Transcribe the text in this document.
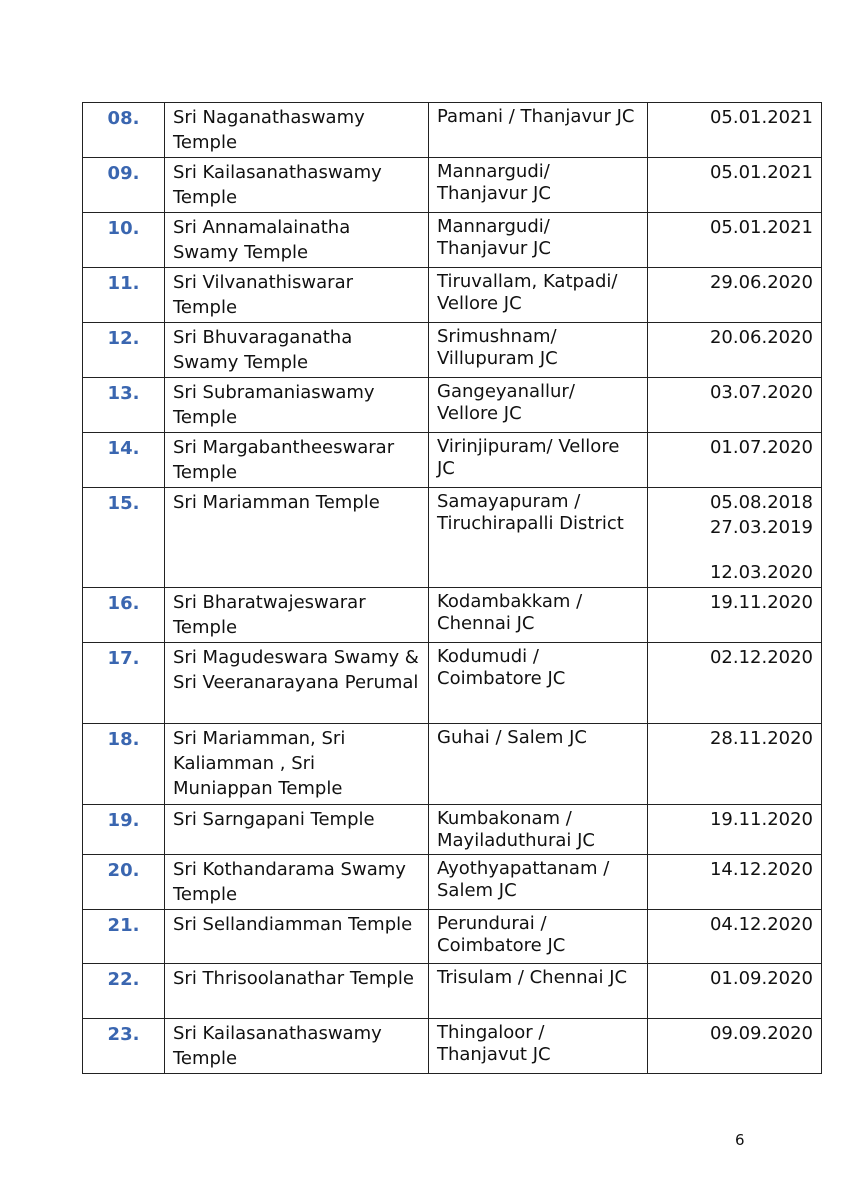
08.	Sri Naganathaswamy Temple	Pamani / Thanjavur JC	05.01.2021

09.	Sri Kailasanathaswamy Temple	Mannargudi/ Thanjavur JC	05.01.2021

10.	Sri Annamalainatha Swamy Temple	Mannargudi/ Thanjavur JC	05.01.2021

11.	Sri Vilvanathiswarar Temple	Tiruvallam, Katpadi/ Vellore JC	29.06.2020

12.	Sri Bhuvaraganatha Swamy Temple	Srimushnam/ Villupuram JC	20.06.2020

13.	Sri Subramaniaswamy Temple	Gangeyanallur/ Vellore JC	03.07.2020

14.	Sri Margabantheeswarar Temple	Virinjipuram/ Vellore JC	01.07.2020

15.	Sri Mariamman Temple	Samayapuram / Tiruchirapalli District	05.08.2018
27.03.2019
12.03.2020

16.	Sri Bharatwajeswarar Temple	Kodambakkam / Chennai JC	19.11.2020

17.	Sri Magudeswara Swamy & Sri Veeranarayana Perumal	Kodumudi / Coimbatore JC	02.12.2020

18.	Sri Mariamman, Sri Kaliamman , Sri Muniappan Temple	Guhai / Salem JC	28.11.2020

19.	Sri Sarngapani Temple	Kumbakonam / Mayiladuthurai JC	19.11.2020

20.	Sri Kothandarama Swamy Temple	Ayothyapattanam / Salem JC	14.12.2020

21.	Sri Sellandiamman Temple	Perundurai / Coimbatore JC	04.12.2020

22.	Sri Thrisoolanathar Temple	Trisulam / Chennai JC	01.09.2020

23.	Sri Kailasanathaswamy Temple	Thingaloor / Thanjavut JC	09.09.2020
6
